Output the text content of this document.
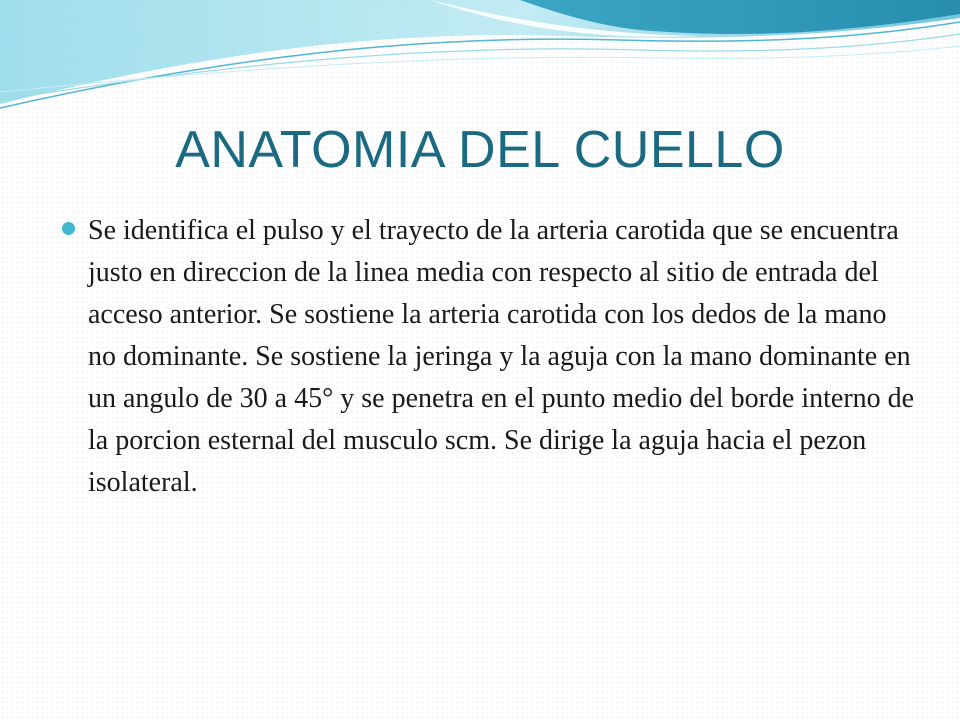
ANATOMIA DEL CUELLO

Se identifica el pulso y el trayecto de la arteria carotida que se encuentra justo en direccion de la linea media con respecto al sitio de entrada del acceso anterior. Se sostiene la arteria carotida con los dedos de la mano no dominante. Se sostiene la jeringa y la aguja con la mano dominante en un angulo de 30 a 45° y se penetra en el punto medio del borde interno de la porcion esternal del musculo scm. Se dirige la aguja hacia el pezon isolateral.
